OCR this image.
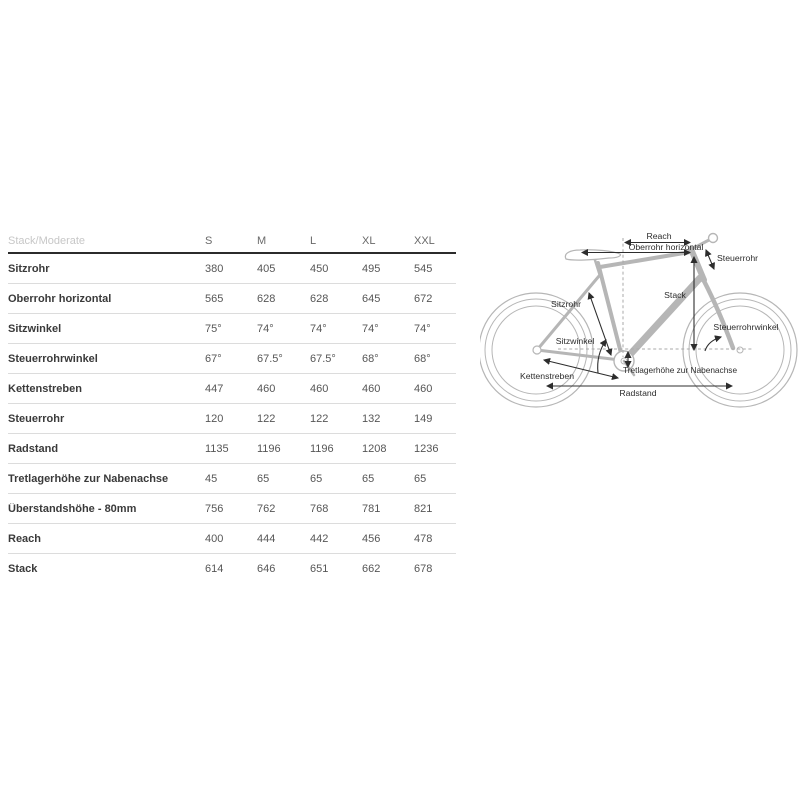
Stack/Moderate	S	M	L	XL	XXL
Sitzrohr	380	405	450	495	545
Oberrohr horizontal	565	628	628	645	672
Sitzwinkel	75°	74°	74°	74°	74°
Steuerrohrwinkel	67°	67.5°	67.5°	68°	68°
Kettenstreben	447	460	460	460	460
Steuerrohr	120	122	122	132	149
Radstand	1135	1196	1196	1208	1236
Tretlagerhöhe zur Nabenachse	45	65	65	65	65
Überstandshöhe - 80mm	756	762	768	781	821
Reach	400	444	442	456	478
Stack	614	646	651	662	678
Reach
Oberrohr horizontal
Steuerrohr
Stack
Sitzrohr
Sitzwinkel
Steuerrohrwinkel
Kettenstreben
Tretlagerhöhe zur Nabenachse
Radstand
